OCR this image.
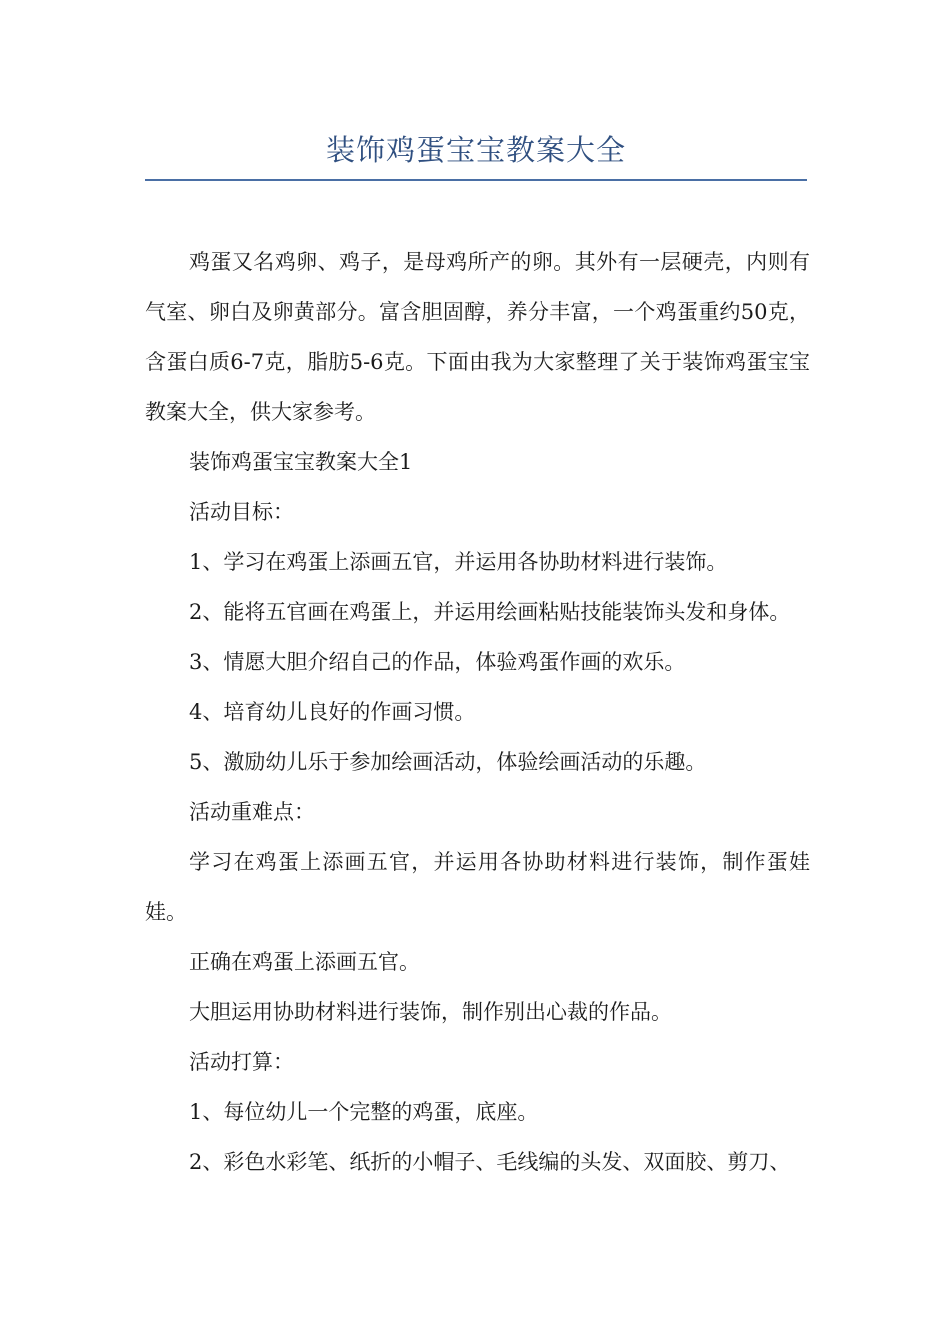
装饰鸡蛋宝宝教案大全

鸡蛋又名鸡卵、鸡子，是母鸡所产的卵。其外有一层硬壳，内则有气室、卵白及卵黄部分。富含胆固醇，养分丰富，一个鸡蛋重约50克，含蛋白质6-7克，脂肪5-6克。下面由我为大家整理了关于装饰鸡蛋宝宝教案大全，供大家参考。

装饰鸡蛋宝宝教案大全1

活动目标：

1、学习在鸡蛋上添画五官，并运用各协助材料进行装饰。

2、能将五官画在鸡蛋上，并运用绘画粘贴技能装饰头发和身体。

3、情愿大胆介绍自己的作品，体验鸡蛋作画的欢乐。

4、培育幼儿良好的作画习惯。

5、激励幼儿乐于参加绘画活动，体验绘画活动的乐趣。

活动重难点：

学习在鸡蛋上添画五官，并运用各协助材料进行装饰，制作蛋娃娃。

正确在鸡蛋上添画五官。

大胆运用协助材料进行装饰，制作别出心裁的作品。

活动打算：

1、每位幼儿一个完整的鸡蛋，底座。

2、彩色水彩笔、纸折的小帽子、毛线编的头发、双面胶、剪刀、
